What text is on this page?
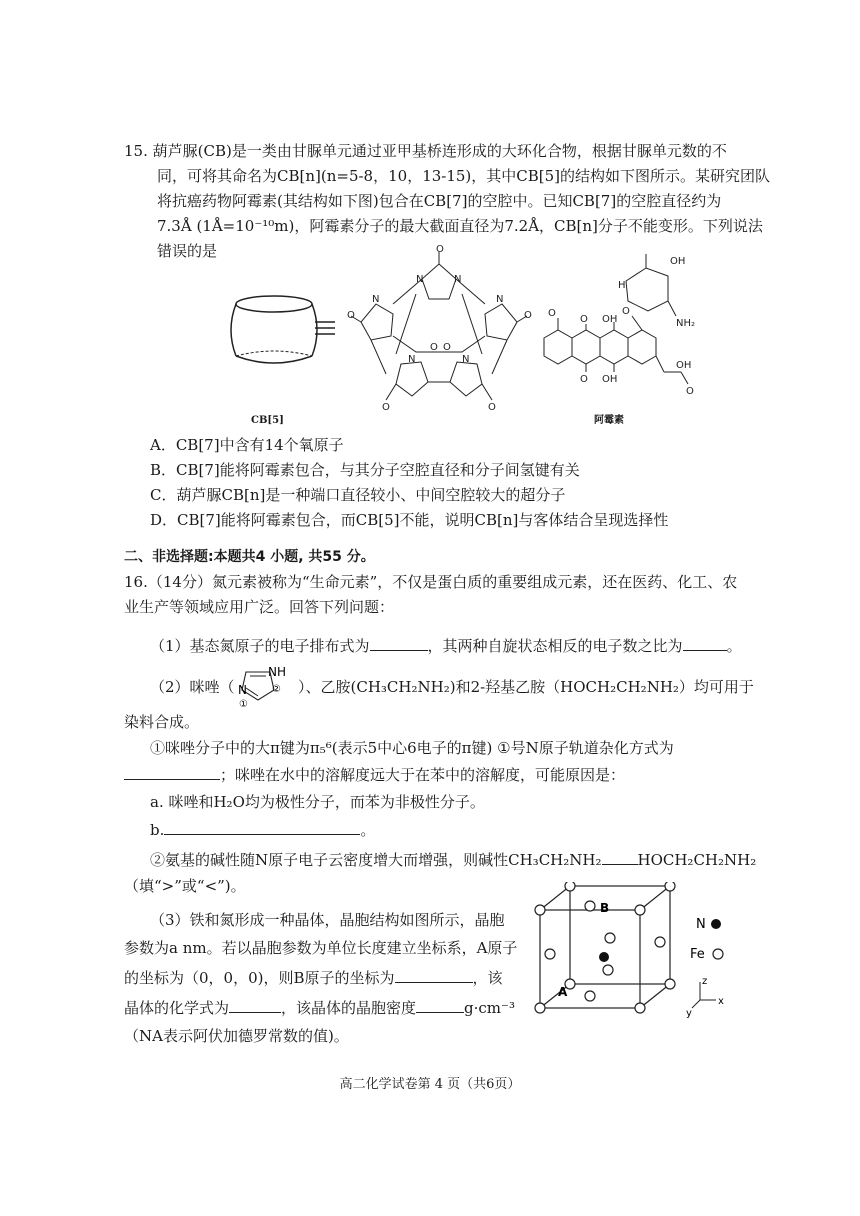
15. 葫芦脲(CB)是一类由甘脲单元通过亚甲基桥连形成的大环化合物，根据甘脲单元数的不
同，可将其命名为CB[n](n=5-8，10，13-15)，其中CB[5]的结构如下图所示。某研究团队
将抗癌药物阿霉素(其结构如下图)包合在CB[7]的空腔中。已知CB[7]的空腔直径约为
7.3Å (1Å=10⁻¹⁰m)，阿霉素分子的最大截面直径为7.2Å，CB[n]分子不能变形。下列说法
错误的是	O
O	O
O	O
N	N
N	N
N	N
O O
CB[5]
O
O
O
OH
OH
O
OH
NH₂
H
O
OH
阿霉素
A．CB[7]中含有14个氧原子
B．CB[7]能将阿霉素包合，与其分子空腔直径和分子间氢键有关
C．葫芦脲CB[n]是一种端口直径较小、中间空腔较大的超分子
D．CB[7]能将阿霉素包合，而CB[5]不能，说明CB[n]与客体结合呈现选择性
二、非选择题:本题共4 小题, 共55 分。
16.（14分）氮元素被称为“生命元素”，不仅是蛋白质的重要组成元素，还在医药、化工、农
业生产等领域应用广泛。回答下列问题：
（1）基态氮原子的电子排布式为	，其两种自旋状态相反的电子数之比为	。
（2）咪唑（
NH
N
①
② ）、乙胺(CH₃CH₂NH₂)和2-羟基乙胺（HOCH₂CH₂NH₂）均可用于
染料合成。
①咪唑分子中的大π键为π₅⁶(表示5中心6电子的π键) ①号N原子轨道杂化方式为
；咪唑在水中的溶解度远大于在苯中的溶解度，可能原因是：
a. 咪唑和H₂O均为极性分子，而苯为非极性分子。
b.	。
②氨基的碱性随N原子电子云密度增大而增强，则碱性CH₃CH₂NH₂ HOCH₂CH₂NH₂
（填“>”或“<”)。
（3）铁和氮形成一种晶体，晶胞结构如图所示，晶胞
参数为a nm。若以晶胞参数为单位长度建立坐标系，A原子
的坐标为（0，0，0)，则B原子的坐标为	，该
晶体的化学式为	，该晶体的晶胞密度	g·cm⁻³
（NA表示阿伏加德罗常数的值)。
B
A
N
Fe
z
x
y
高二化学试卷第 4 页（共6页）
